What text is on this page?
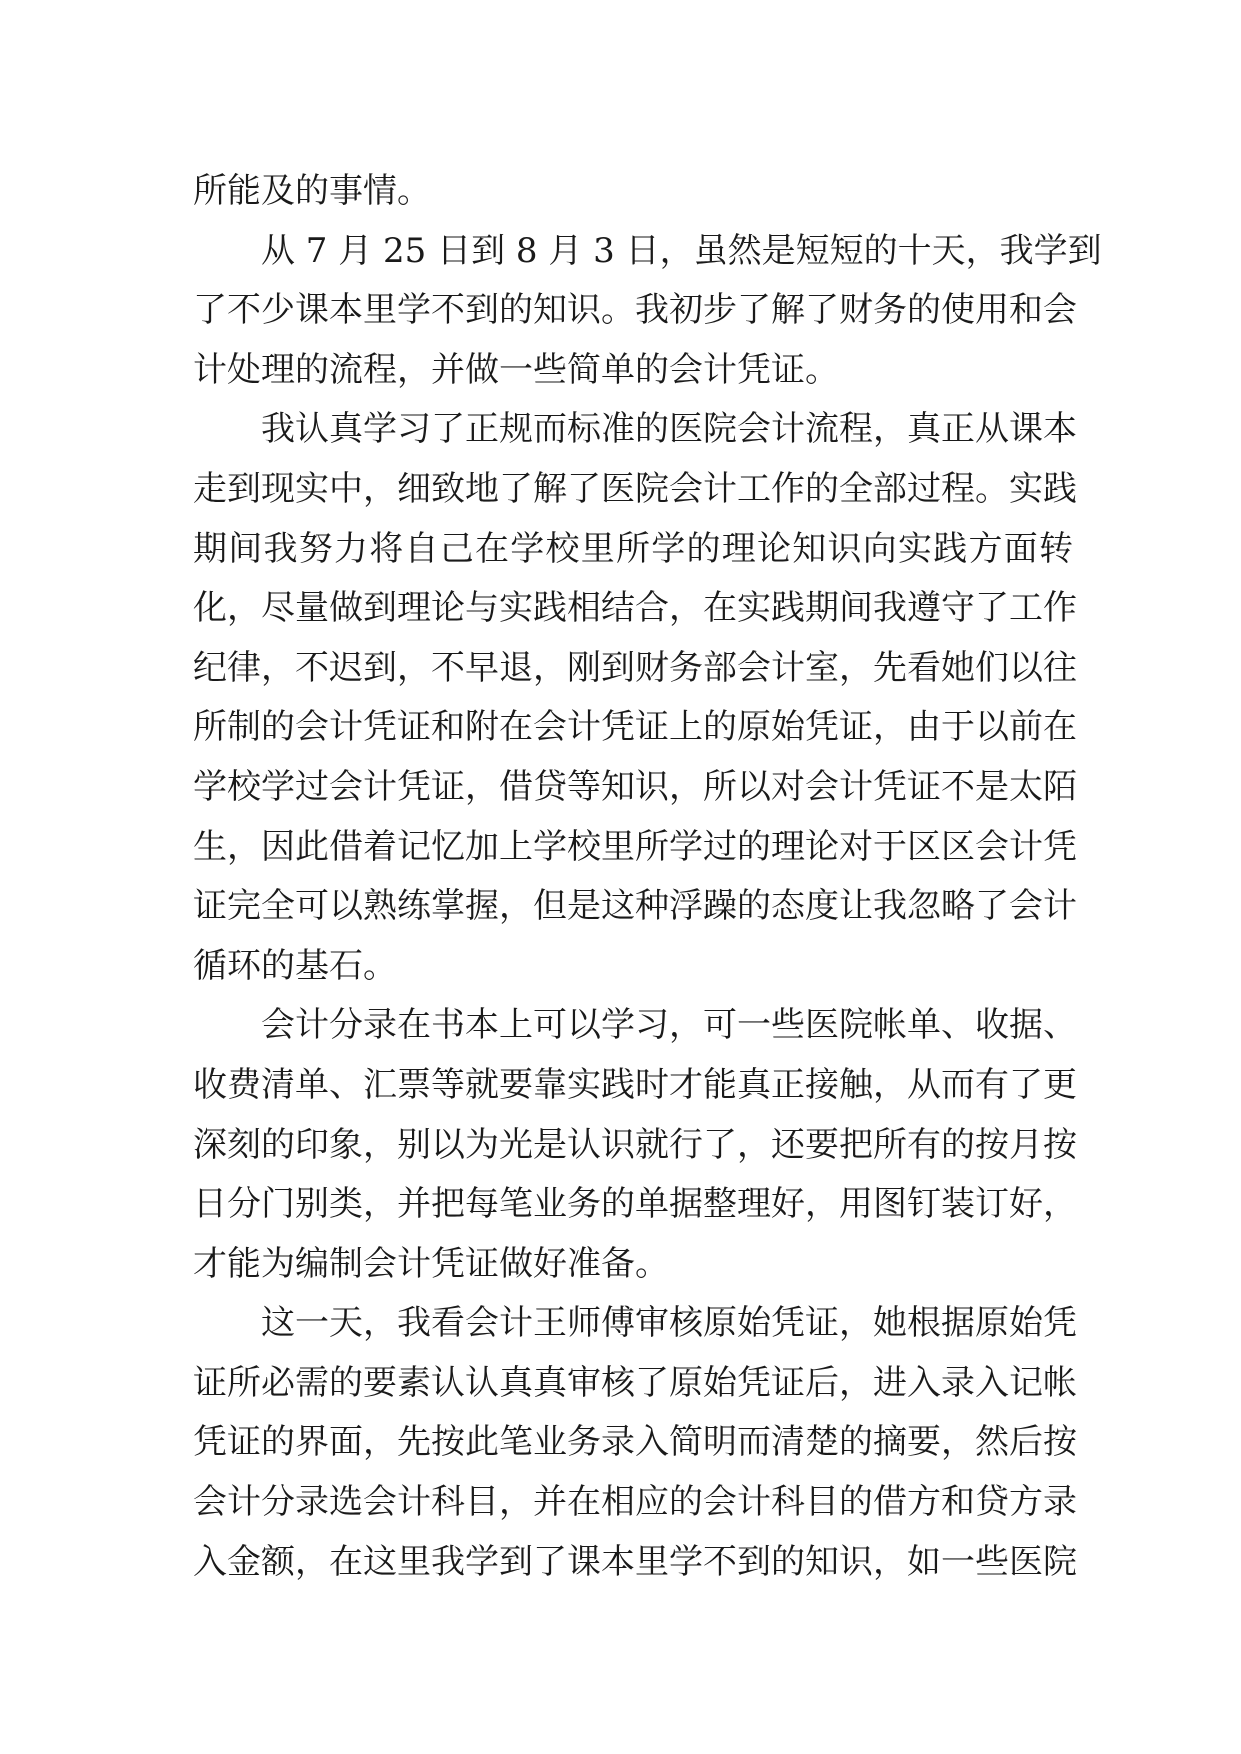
所能及的事情。
从 7 月 25 日到 8 月 3 日，虽然是短短的十天，我学到
了不少课本里学不到的知识。我初步了解了财务的使用和会
计处理的流程，并做一些简单的会计凭证。
我认真学习了正规而标准的医院会计流程，真正从课本
走到现实中，细致地了解了医院会计工作的全部过程。实践
期间我努力将自己在学校里所学的理论知识向实践方面转
化，尽量做到理论与实践相结合，在实践期间我遵守了工作
纪律，不迟到，不早退，刚到财务部会计室，先看她们以往
所制的会计凭证和附在会计凭证上的原始凭证，由于以前在
学校学过会计凭证，借贷等知识，所以对会计凭证不是太陌
生，因此借着记忆加上学校里所学过的理论对于区区会计凭
证完全可以熟练掌握，但是这种浮躁的态度让我忽略了会计
循环的基石。
会计分录在书本上可以学习，可一些医院帐单、收据、
收费清单、汇票等就要靠实践时才能真正接触，从而有了更
深刻的印象，别以为光是认识就行了，还要把所有的按月按
日分门别类，并把每笔业务的单据整理好，用图钉装订好，
才能为编制会计凭证做好准备。
这一天，我看会计王师傅审核原始凭证，她根据原始凭
证所必需的要素认认真真审核了原始凭证后，进入录入记帐
凭证的界面，先按此笔业务录入简明而清楚的摘要，然后按
会计分录选会计科目，并在相应的会计科目的借方和贷方录
入金额，在这里我学到了课本里学不到的知识，如一些医院
